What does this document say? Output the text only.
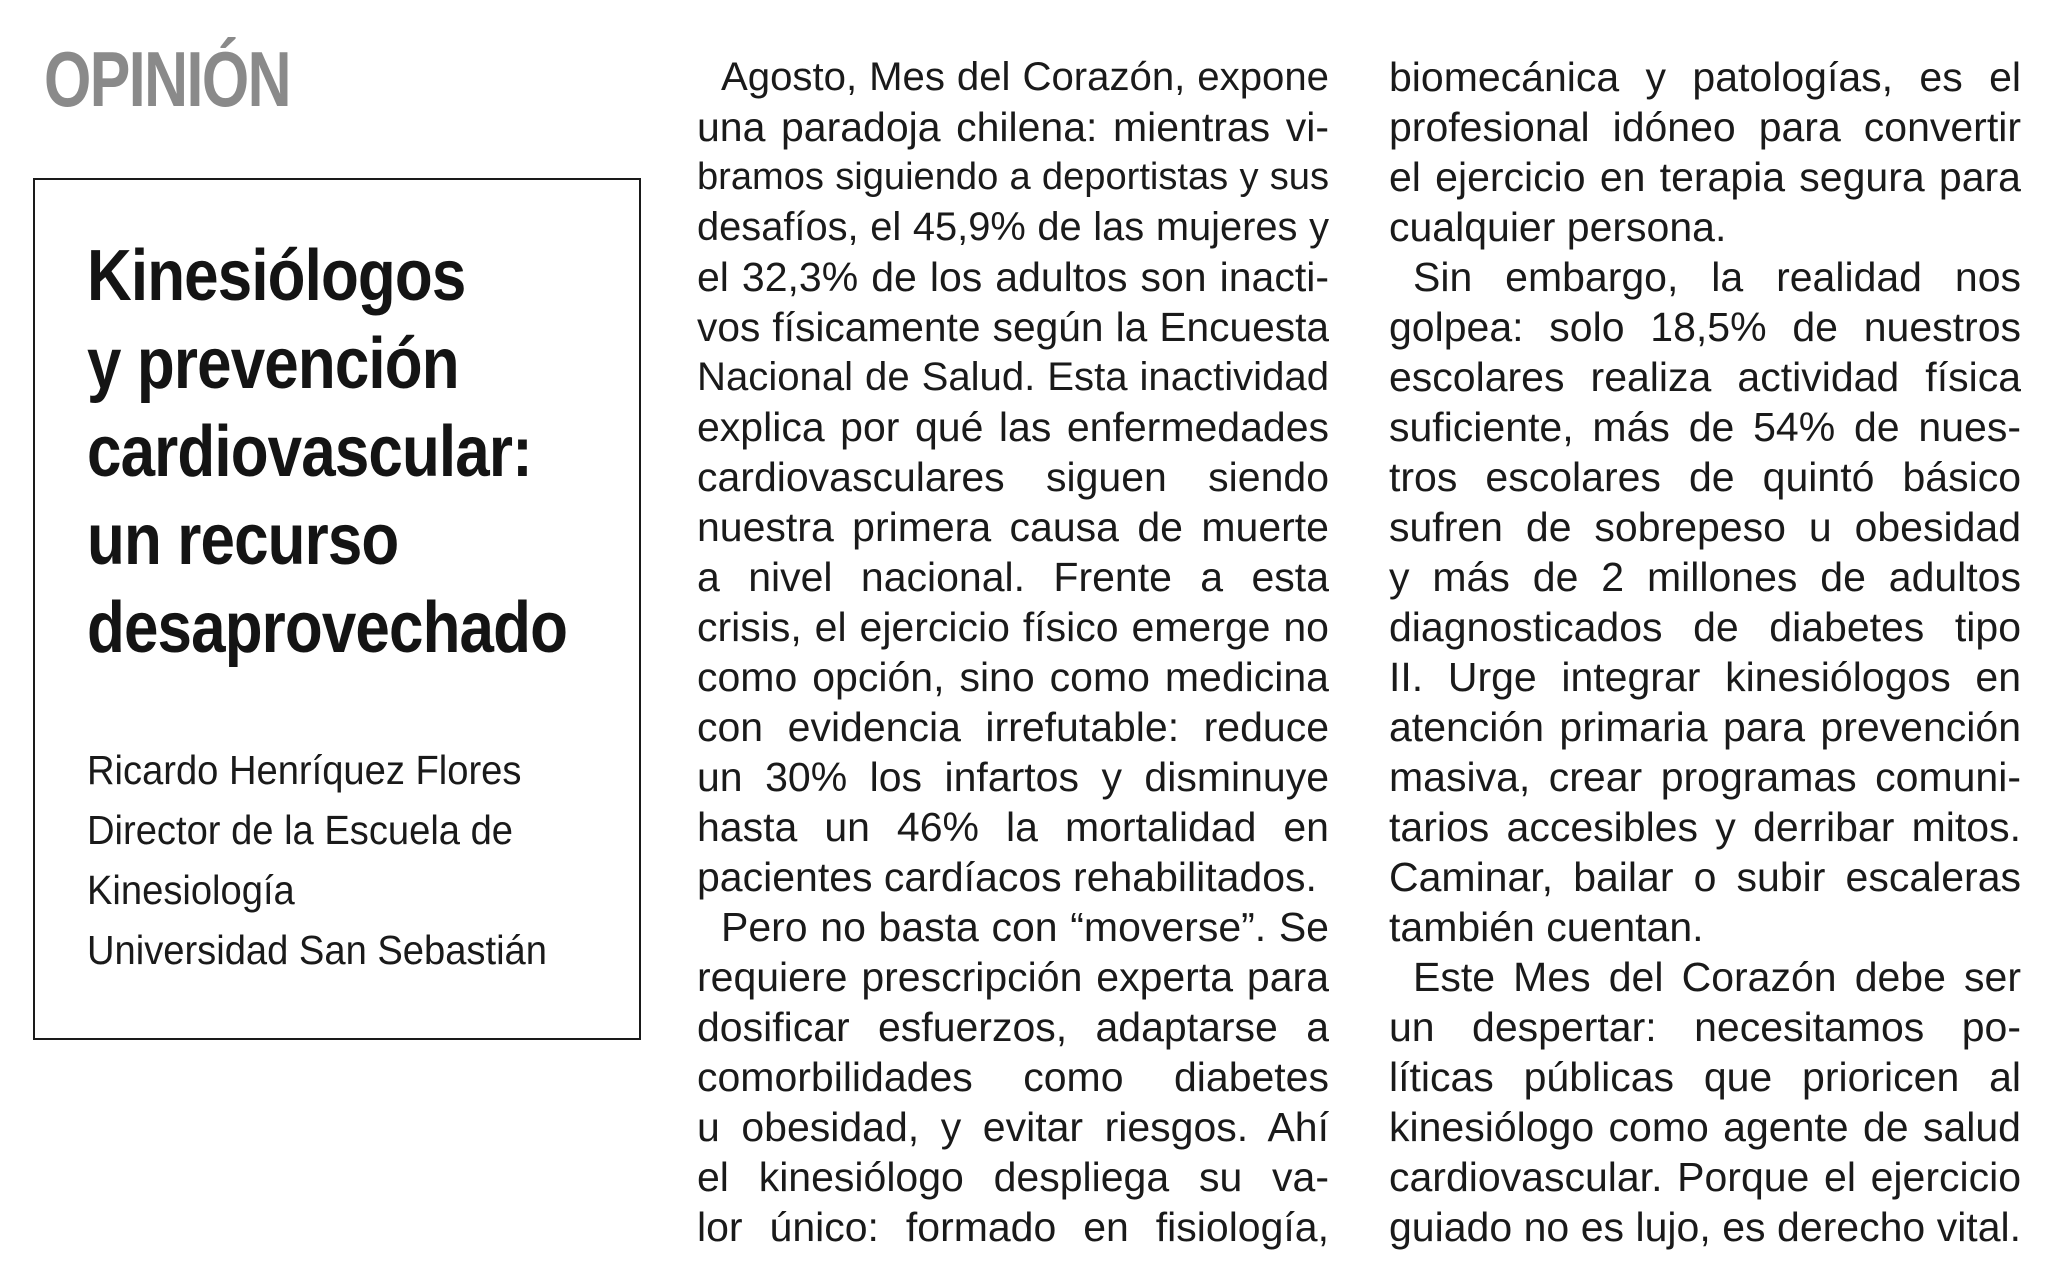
OPINIÓN
Kinesiólogos
y prevención
cardiovascular:
un recurso
desaprovechado
Ricardo Henríquez Flores
Director de la Escuela de
Kinesiología
Universidad San Sebastián

Agosto, Mes del Corazón, expone
una paradoja chilena: mientras vi-
bramos siguiendo a deportistas y sus
desafíos, el 45,9% de las mujeres y
el 32,3% de los adultos son inacti-
vos físicamente según la Encuesta
Nacional de Salud. Esta inactividad
explica por qué las enfermedades
cardiovasculares siguen siendo
nuestra primera causa de muerte
a nivel nacional. Frente a esta
crisis, el ejercicio físico emerge no
como opción, sino como medicina
con evidencia irrefutable: reduce
un 30% los infartos y disminuye
hasta un 46% la mortalidad en
pacientes cardíacos rehabilitados.

Pero no basta con “moverse”. Se
requiere prescripción experta para
dosificar esfuerzos, adaptarse a
comorbilidades como diabetes
u obesidad, y evitar riesgos. Ahí
el kinesiólogo despliega su va-
lor único: formado en fisiología,

biomecánica y patologías, es el
profesional idóneo para convertir
el ejercicio en terapia segura para
cualquier persona.

Sin embargo, la realidad nos
golpea: solo 18,5% de nuestros
escolares realiza actividad física
suficiente, más de 54% de nues-
tros escolares de quintó básico
sufren de sobrepeso u obesidad
y más de 2 millones de adultos
diagnosticados de diabetes tipo
II. Urge integrar kinesiólogos en
atención primaria para prevención
masiva, crear programas comuni-
tarios accesibles y derribar mitos.
Caminar, bailar o subir escaleras
también cuentan.

Este Mes del Corazón debe ser
un despertar: necesitamos po-
líticas públicas que prioricen al
kinesiólogo como agente de salud
cardiovascular. Porque el ejercicio
guiado no es lujo, es derecho vital.
